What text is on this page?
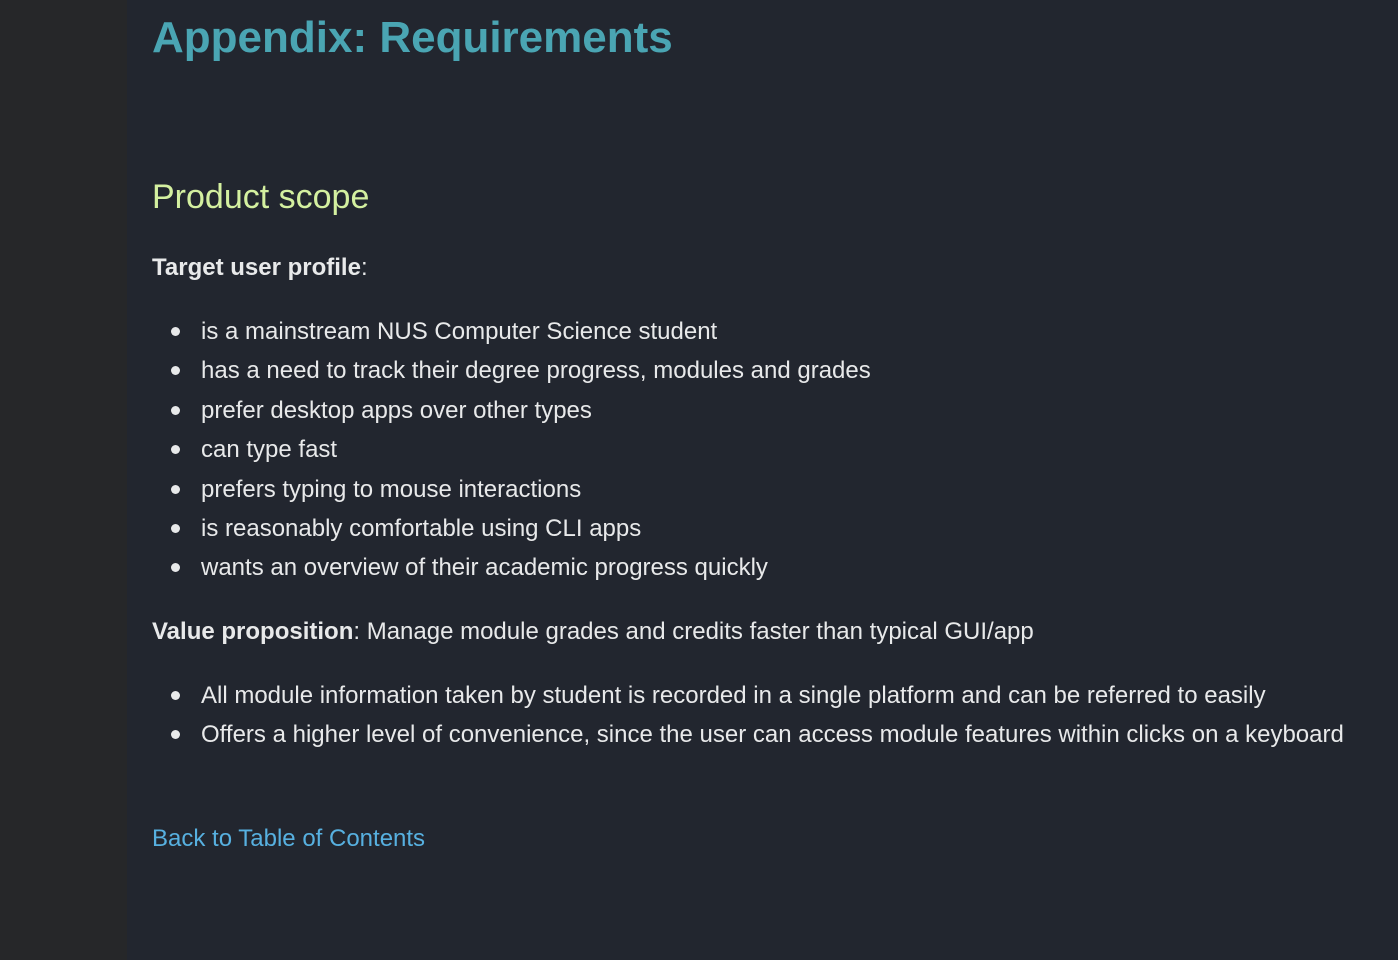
Appendix: Requirements
Product scope

Target user profile:

is a mainstream NUS Computer Science student
has a need to track their degree progress, modules and grades
prefer desktop apps over other types
can type fast
prefers typing to mouse interactions
is reasonably comfortable using CLI apps
wants an overview of their academic progress quickly

Value proposition: Manage module grades and credits faster than typical GUI/app

All module information taken by student is recorded in a single platform and can be referred to easily
Offers a higher level of convenience, since the user can access module features within clicks on a keyboard
Back to Table of Contents
